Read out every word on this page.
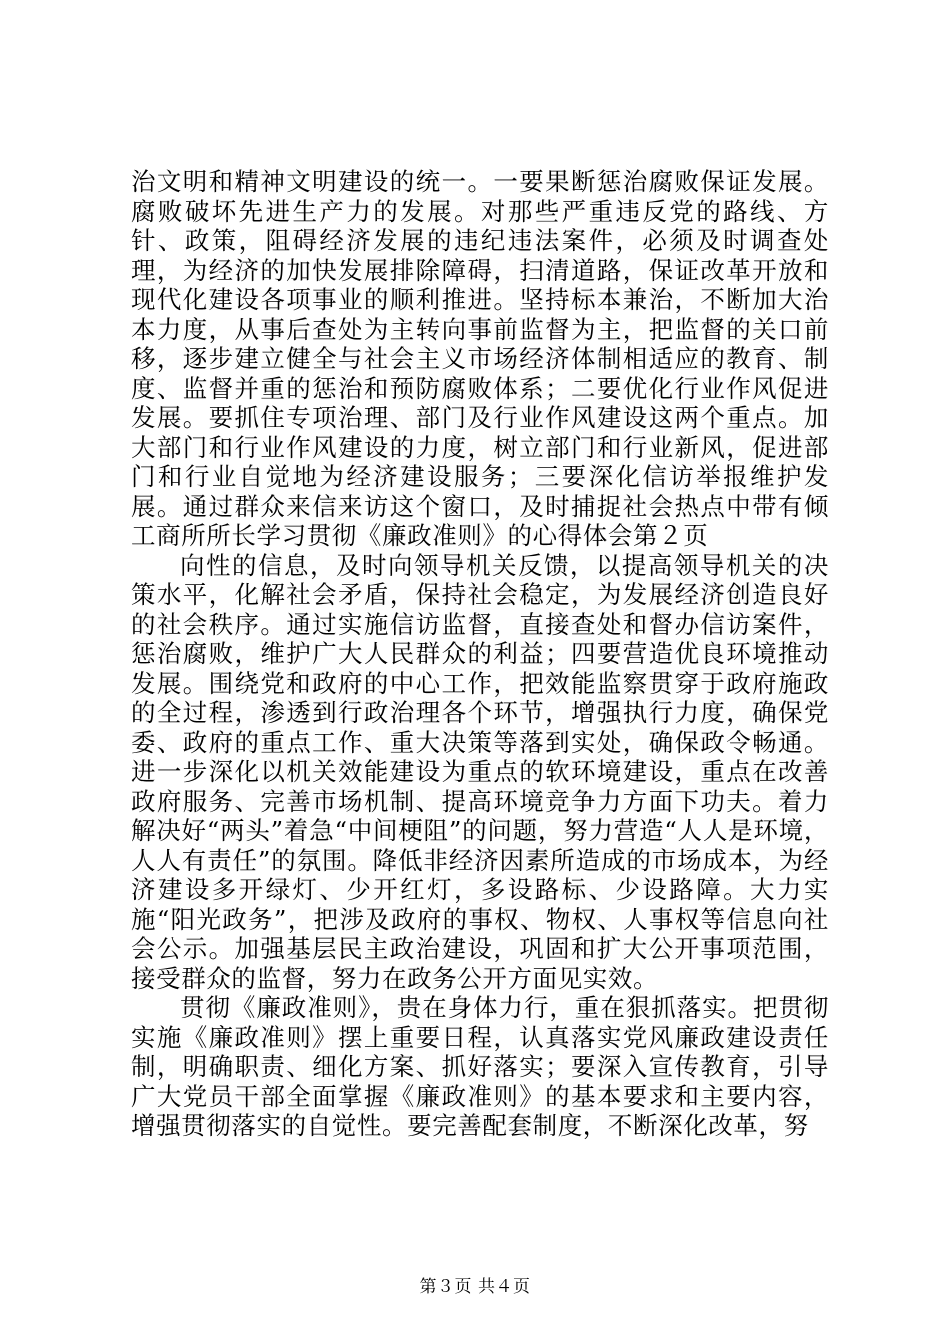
治文明和精神文明建设的统一。一要果断惩治腐败保证发展。腐败破坏先进生产力的发展。对那些严重违反党的路线、方针、政策，阻碍经济发展的违纪违法案件，必须及时调查处理，为经济的加快发展排除障碍，扫清道路，保证改革开放和现代化建设各项事业的顺利推进。坚持标本兼治，不断加大治本力度，从事后查处为主转向事前监督为主，把监督的关口前移，逐步建立健全与社会主义市场经济体制相适应的教育、制度、监督并重的惩治和预防腐败体系；二要优化行业作风促进发展。要抓住专项治理、部门及行业作风建设这两个重点。加大部门和行业作风建设的力度，树立部门和行业新风，促进部门和行业自觉地为经济建设服务；三要深化信访举报维护发展。通过群众来信来访这个窗口，及时捕捉社会热点中带有倾工商所所长学习贯彻《廉政准则》的心得体会第２页

向性的信息，及时向领导机关反馈，以提高领导机关的决策水平，化解社会矛盾，保持社会稳定，为发展经济创造良好的社会秩序。通过实施信访监督，直接查处和督办信访案件，惩治腐败，维护广大人民群众的利益；四要营造优良环境推动发展。围绕党和政府的中心工作，把效能监察贯穿于政府施政的全过程，渗透到行政治理各个环节，增强执行力度，确保党委、政府的重点工作、重大决策等落到实处，确保政令畅通。进一步深化以机关效能建设为重点的软环境建设，重点在改善政府服务、完善市场机制、提高环境竞争力方面下功夫。着力解决好“两头”着急“中间梗阻”的问题，努力营造“人人是环境，人人有责任”的氛围。降低非经济因素所造成的市场成本，为经济建设多开绿灯、少开红灯，多设路标、少设路障。大力实施“阳光政务”，把涉及政府的事权、物权、人事权等信息向社会公示。加强基层民主政治建设，巩固和扩大公开事项范围，接受群众的监督，努力在政务公开方面见实效。

贯彻《廉政准则》，贵在身体力行，重在狠抓落实。把贯彻实施《廉政准则》摆上重要日程，认真落实党风廉政建设责任制，明确职责、细化方案、抓好落实；要深入宣传教育，引导广大党员干部全面掌握《廉政准则》的基本要求和主要内容，增强贯彻落实的自觉性。要完善配套制度，不断深化改革，努

第３页 共４页
